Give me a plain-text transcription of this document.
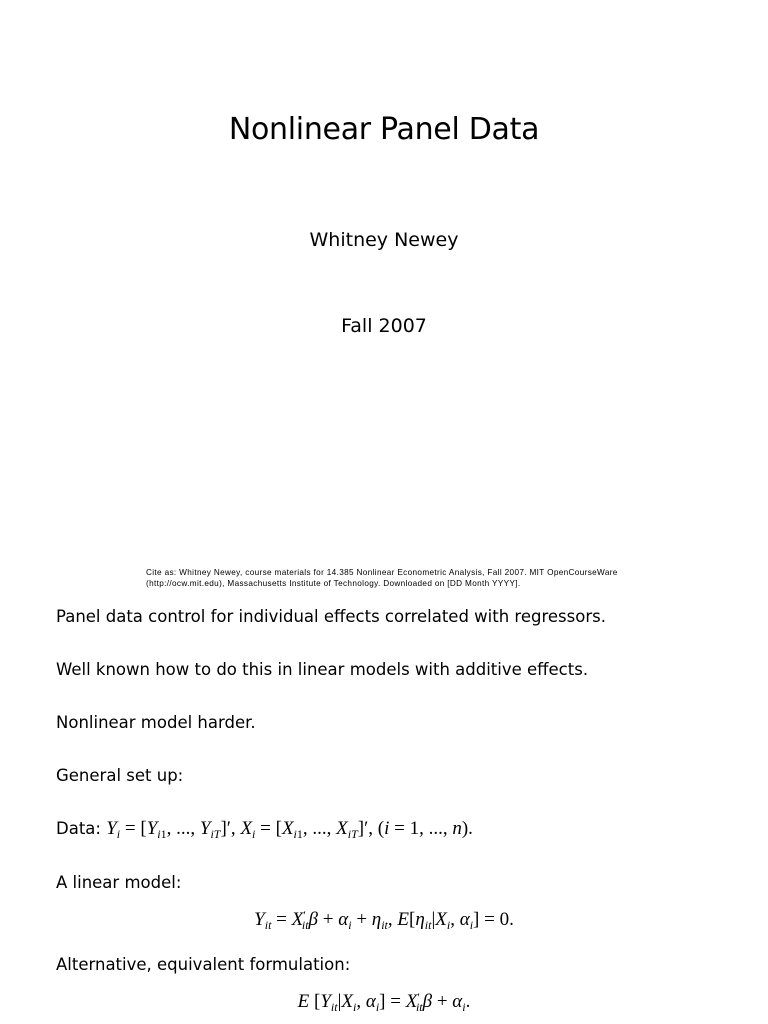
Nonlinear Panel Data
Whitney Newey
Fall 2007
Cite as: Whitney Newey, course materials for 14.385 Nonlinear Econometric Analysis, Fall 2007. MIT OpenCourseWare
(http://ocw.mit.edu), Massachusetts Institute of Technology. Downloaded on [DD Month YYYY].
Panel data control for individual effects correlated with regressors.
Well known how to do this in linear models with additive effects.
Nonlinear model harder.
General set up:
Data: $Y_i = [Y_{i1}$, ..., $Y_{iT}]'$, $X_i = [X_{i1}$, ..., $X_{iT}]'$, (i = 1, ..., n).
A linear model:
$Y_{it} = X'_{it}\beta + \alpha_i + \eta_{it}$, $E[\eta_{it}|X_i$, $\alpha_i] = 0$.
Alternative, equivalent formulation:
E [$Y_{it}|X_i$, $\alpha_i] = X'_{it}\beta + \alpha_i$.
